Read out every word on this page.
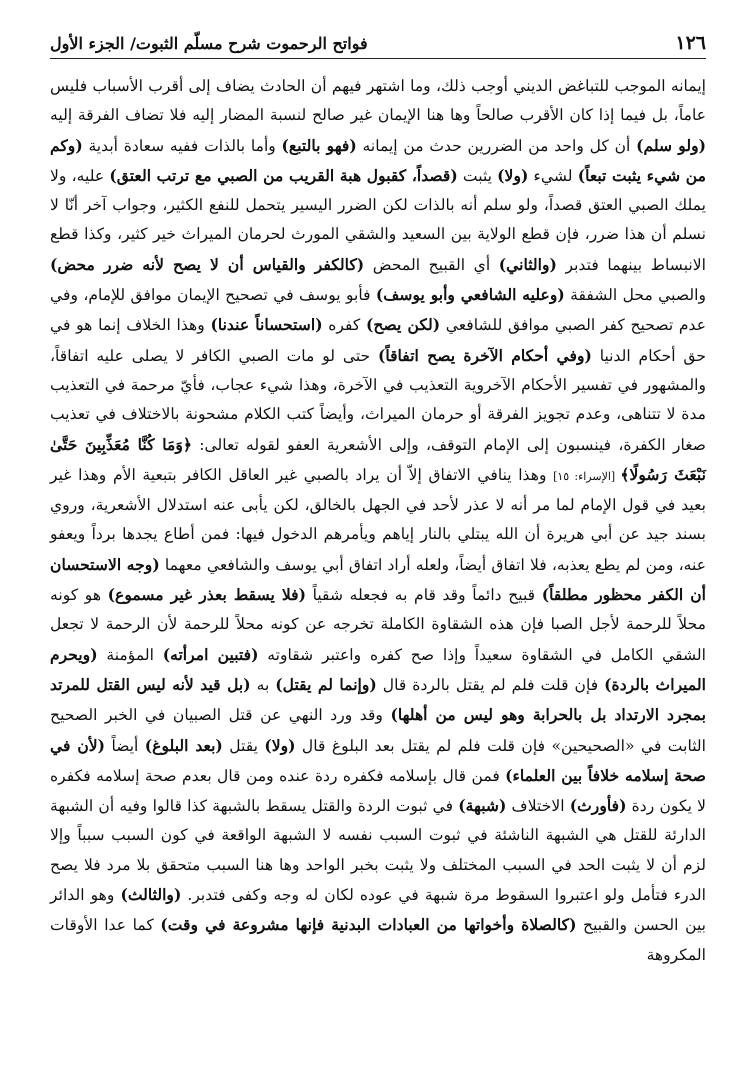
١٢٦
فواتح الرحموت شرح مسلّم الثبوت/ الجزء الأول

إيمانه الموجب للتباغض الديني أوجب ذلك، وما اشتهر فيهم أن الحادث يضاف إلى أقرب الأسباب فليس عاماً، بل فيما إذا كان الأقرب صالحاً وها هنا الإيمان غير صالح لنسبة المضار إليه فلا تضاف الفرقة إليه (ولو سلم) أن كل واحد من الضررين حدث من إيمانه (فهو بالتبع) وأما بالذات ففيه سعادة أبدية (وكم من شيء يثبت تبعاً) لشيء (ولا) يثبت (قصداً، كقبول هبة القريب من الصبي مع ترتب العتق) عليه، ولا يملك الصبي العتق قصداً، ولو سلم أنه بالذات لكن الضرر اليسير يتحمل للنفع الكثير، وجواب آخر أنّا لا نسلم أن هذا ضرر، فإن قطع الولاية بين السعيد والشقي المورث لحرمان الميراث خير كثير، وكذا قطع الانبساط بينهما فتدبر (والثاني) أي القبيح المحض (كالكفر والقياس أن لا يصح لأنه ضرر محض) والصبي محل الشفقة (وعليه الشافعي وأبو يوسف) فأبو يوسف في تصحيح الإيمان موافق للإمام، وفي عدم تصحيح كفر الصبي موافق للشافعي (لكن يصح) كفره (استحساناً عندنا) وهذا الخلاف إنما هو في حق أحكام الدنيا (وفي أحكام الآخرة يصح اتفاقاً) حتى لو مات الصبي الكافر لا يصلى عليه اتفاقاً، والمشهور في تفسير الأحكام الآخروية التعذيب في الآخرة، وهذا شيء عجاب، فأيّ مرحمة في التعذيب مدة لا تتناهى، وعدم تجويز الفرقة أو حرمان الميراث، وأيضاً كتب الكلام مشحونة بالاختلاف في تعذيب صغار الكفرة، فينسبون إلى الإمام التوقف، وإلى الأشعرية العفو لقوله تعالى: ﴿وَمَا كُنَّا مُعَذِّبِينَ حَتَّىٰ نَبْعَثَ رَسُولًا﴾ [الإسراء: ١٥] وهذا ينافي الاتفاق إلاّ أن يراد بالصبي غير العاقل الكافر بتبعية الأم وهذا غير بعيد في قول الإمام لما مر أنه لا عذر لأحد في الجهل بالخالق، لكن يأبى عنه استدلال الأشعرية، وروي بسند جيد عن أبي هريرة أن الله يبتلي بالنار إياهم ويأمرهم الدخول فيها: فمن أطاع يجدها برداً ويعفو عنه، ومن لم يطع يعذبه، فلا اتفاق أيضاً، ولعله أراد اتفاق أبي يوسف والشافعي معهما (وجه الاستحسان أن الكفر محظور مطلقاً) قبيح دائماً وقد قام به فجعله شقياً (فلا يسقط بعذر غير مسموع) هو كونه محلاً للرحمة لأجل الصبا فإن هذه الشقاوة الكاملة تخرجه عن كونه محلاً للرحمة لأن الرحمة لا تجعل الشقي الكامل في الشقاوة سعيداً وإذا صح كفره واعتبر شقاوته (فتبين امرأته) المؤمنة (ويحرم الميراث بالردة) فإن قلت فلم لم يقتل بالردة قال (وإنما لم يقتل) به (بل قيد لأنه ليس القتل للمرتد بمجرد الارتداد بل بالحرابة وهو ليس من أهلها) وقد ورد النهي عن قتل الصبيان في الخبر الصحيح الثابت في «الصحيحين» فإن قلت فلم لم يقتل بعد البلوغ قال (ولا) يقتل (بعد البلوغ) أيضاً (لأن في صحة إسلامه خلافاً بين العلماء) فمن قال بإسلامه فكفره ردة عنده ومن قال بعدم صحة إسلامه فكفره لا يكون ردة (فأورث) الاختلاف (شبهة) في ثبوت الردة والقتل يسقط بالشبهة كذا قالوا وفيه أن الشبهة الدارئة للقتل هي الشبهة الناشئة في ثبوت السبب نفسه لا الشبهة الواقعة في كون السبب سبباً وإلا لزم أن لا يثبت الحد في السبب المختلف ولا يثبت بخبر الواحد وها هنا السبب متحقق بلا مرد فلا يصح الدرء فتأمل ولو اعتبروا السقوط مرة شبهة في عوده لكان له وجه وكفى فتدبر. (والثالث) وهو الدائر بين الحسن والقبيح (كالصلاة وأخواتها من العبادات البدنية فإنها مشروعة في وقت) كما عدا الأوقات المكروهة
